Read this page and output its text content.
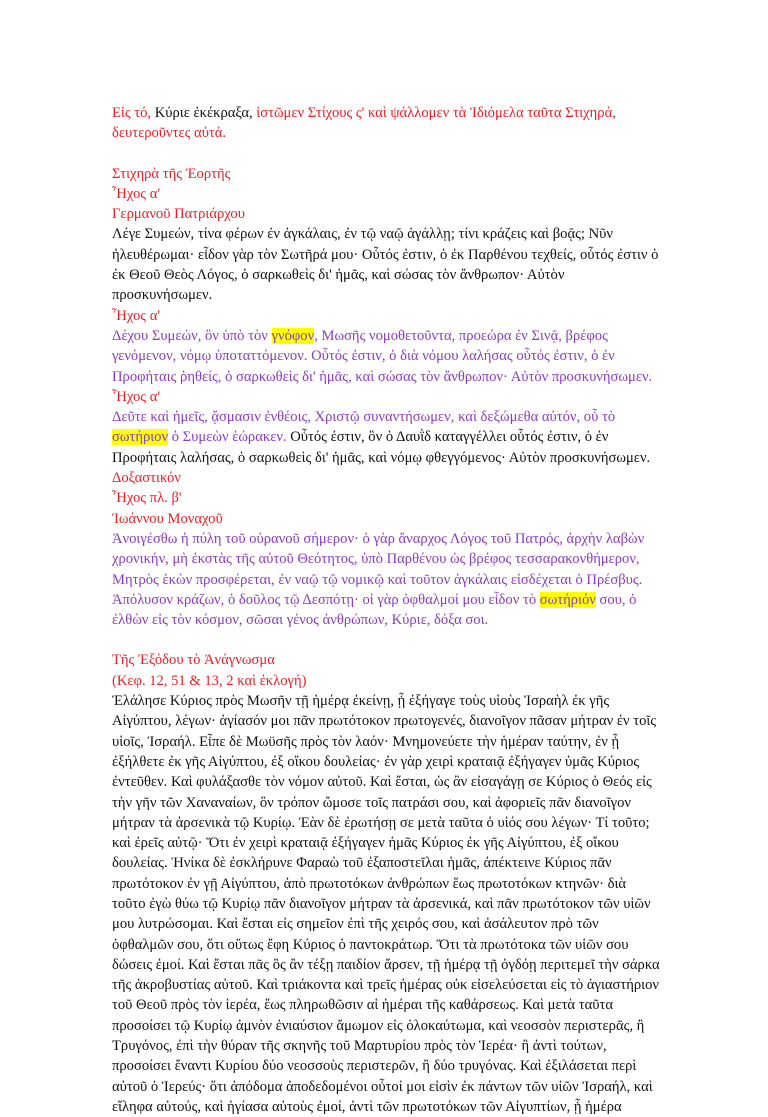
Εἰς τό, Κύριε ἐκέκραξα, ἱστῶμεν Στίχους ς' καὶ ψάλλομεν τὰ Ἰδιόμελα ταῦτα Στιχηρά,
δευτεροῦντες αὐτά.
Στιχηρὰ τῆς Ἑορτῆς
Ἦχος α'
Γερμανοῦ Πατριάρχου
Λέγε Συμεών, τίνα φέρων ἐν ἀγκάλαις, ἐν τῷ ναῷ ἀγάλλῃ; τίνι κράζεις καὶ βοᾷς; Νῦν
ἠλευθέρωμαι· εἶδον γὰρ τὸν Σωτῆρά μου· Οὗτός ἐστιν, ὁ ἐκ Παρθένου τεχθείς, οὗτός ἐστιν ὁ
ἐκ Θεοῦ Θεὸς Λόγος, ὁ σαρκωθεὶς δι' ἡμᾶς, καὶ σώσας τὸν ἄνθρωπον· Αὐτὸν
προσκυνήσωμεν.
Ἦχος α'
Δέχου Συμεών, ὃν ὑπὸ τὸν γνόφον, Μωσῆς νομοθετοῦντα, προεώρα ἐν Σινᾷ, βρέφος
γενόμενον, νόμῳ ὑποταττόμενον. Οὗτός ἐστιν, ὁ διὰ νόμου λαλήσας οὗτός ἐστιν, ὁ ἐν
Προφήταις ῥηθείς, ὁ σαρκωθεὶς δι' ἡμᾶς, καὶ σώσας τὸν ἄνθρωπον· Αὐτὸν προσκυνήσωμεν.
Ἦχος α'
Δεῦτε καὶ ἡμεῖς, ᾄσμασιν ἐνθέοις, Χριστῷ συναντήσωμεν, καὶ δεξώμεθα αὐτόν, οὗ τὸ
σωτήριον ὁ Συμεὼν ἑώρακεν. Οὗτός ἐστιν, ὃν ὁ Δαυῒδ καταγγέλλει οὗτός ἐστιν, ὁ ἐν
Προφήταις λαλήσας, ὁ σαρκωθεὶς δι' ἡμᾶς, καὶ νόμῳ φθεγγόμενος· Αὐτὸν προσκυνήσωμεν.
Δοξαστικόν
Ἦχος πλ. β'
Ἰωάννου Μοναχοῦ
Ἀνοιγέσθω ἡ πύλη τοῦ οὐρανοῦ σήμερον· ὁ γὰρ ἄναρχος Λόγος τοῦ Πατρός, ἀρχὴν λαβὼν
χρονικήν, μὴ ἐκστὰς τῆς αὐτοῦ Θεότητος, ὑπὸ Παρθένου ὡς βρέφος τεσσαρακονθήμερον,
Μητρὸς ἑκὼν προσφέρεται, ἐν ναῷ τῷ νομικῷ καὶ τοῦτον ἀγκάλαις εἰσδέχεται ὁ Πρέσβυς.
Ἀπόλυσον κράζων, ὁ δοῦλος τῷ Δεσπότῃ· οἱ γὰρ ὀφθαλμοί μου εἶδον τὸ σωτήριόν σου, ὁ
ἐλθὼν εἰς τὸν κόσμον, σῶσαι γένος ἀνθρώπων, Κύριε, δόξα σοι.
Τῆς Ἐξόδου τὸ Ἀνάγνωσμα
(Κεφ. 12, 51 & 13, 2 καὶ ἐκλογή)
Ἐλάλησε Κύριος πρὸς Μωσῆν τῇ ἡμέρᾳ ἐκείνῃ, ᾗ ἐξήγαγε τοὺς υἱοὺς Ἰσραὴλ ἐκ γῆς
Αἰγύπτου, λέγων· ἁγίασόν μοι πᾶν πρωτότοκον πρωτογενές, διανοῖγον πᾶσαν μήτραν ἐν τοῖς
υἱοῖς, Ἰσραήλ. Εἶπε δὲ Μωϋσῆς πρὸς τὸν λαόν· Μνημονεύετε τὴν ἡμέραν ταύτην, ἐν ᾗ
ἐξήλθετε ἐκ γῆς Αἰγύπτου, ἐξ οἴκου δουλείας· ἐν γὰρ χειρὶ κραταιᾷ ἐξήγαγεν ὑμᾶς Κύριος
ἐντεῦθεν. Καὶ φυλάξασθε τὸν νόμον αὐτοῦ. Καὶ ἔσται, ὡς ἂν εἰσαγάγῃ σε Κύριος ὁ Θεός εἰς
τὴν γῆν τῶν Χαναναίων, ὃν τρόπον ὤμοσε τοῖς πατράσι σου, καὶ ἀφοριεῖς πᾶν διανοῖγον
μήτραν τὰ ἀρσενικὰ τῷ Κυρίῳ. Ἐὰν δὲ ἐρωτήσῃ σε μετὰ ταῦτα ὁ υἱός σου λέγων· Τί τοῦτο;
καὶ ἐρεῖς αὐτῷ· Ὅτι ἐν χειρὶ κραταιᾷ ἐξήγαγεν ἡμᾶς Κύριος ἐκ γῆς Αἰγύπτου, ἐξ οἴκου
δουλείας. Ἡνίκα δὲ ἐσκλήρυνε Φαραὼ τοῦ ἐξαποστεῖλαι ἡμᾶς, ἀπέκτεινε Κύριος πᾶν
πρωτότοκον ἐν γῇ Αἰγύπτου, ἀπὸ πρωτοτόκων ἀνθρώπων ἕως πρωτοτόκων κτηνῶν· διὰ
τοῦτο ἐγὼ θύω τῷ Κυρίῳ πᾶν διανοῖγον μήτραν τὰ ἀρσενικά, καὶ πᾶν πρωτότοκον τῶν υἱῶν
μου λυτρώσομαι. Καὶ ἔσται εἰς σημεῖον ἐπὶ τῆς χειρός σου, καὶ ἀσάλευτον πρὸ τῶν
ὀφθαλμῶν σου, ὅτι οὕτως ἔφη Κύριος ὁ παντοκράτωρ. Ὅτι τὰ πρωτότοκα τῶν υἱῶν σου
δώσεις ἐμοί. Καὶ ἔσται πᾶς ὃς ἂν τέξῃ παιδίον ἄρσεν, τῇ ἡμέρᾳ τῇ ὀγδόῃ περιτεμεῖ τὴν σάρκα
τῆς ἀκροβυστίας αὐτοῦ. Καὶ τριάκοντα καὶ τρεῖς ἡμέρας οὐκ εἰσελεύσεται εἰς τὸ ἁγιαστήριον
τοῦ Θεοῦ πρὸς τὸν ἱερέα, ἕως πληρωθῶσιν αἱ ἡμέραι τῆς καθάρσεως. Καὶ μετὰ ταῦτα
προσοίσει τῷ Κυρίῳ ἀμνὸν ἐνιαύσιον ἄμωμον εἰς ὁλοκαύτωμα, καὶ νεοσσὸν περιστερᾶς, ἢ
Τρυγόνος, ἐπὶ τὴν θύραν τῆς σκηνῆς τοῦ Μαρτυρίου πρὸς τὸν Ἱερέα· ἢ ἀντὶ τούτων,
προσοίσει ἔναντι Κυρίου δύο νεοσσοὺς περιστερῶν, ἢ δύο τρυγόνας. Καὶ ἐξιλάσεται περὶ
αὐτοῦ ὁ Ἱερεύς· ὅτι ἀπόδομα ἀποδεδομένοι οὗτοί μοι εἰσὶν ἐκ πάντων τῶν υἱῶν Ἰσραήλ, καὶ
εἴληφα αὐτούς, καὶ ἡγίασα αὐτοὺς ἐμοί, ἀντὶ τῶν πρωτοτόκων τῶν Αἰγυπτίων, ᾗ ἡμέρα
